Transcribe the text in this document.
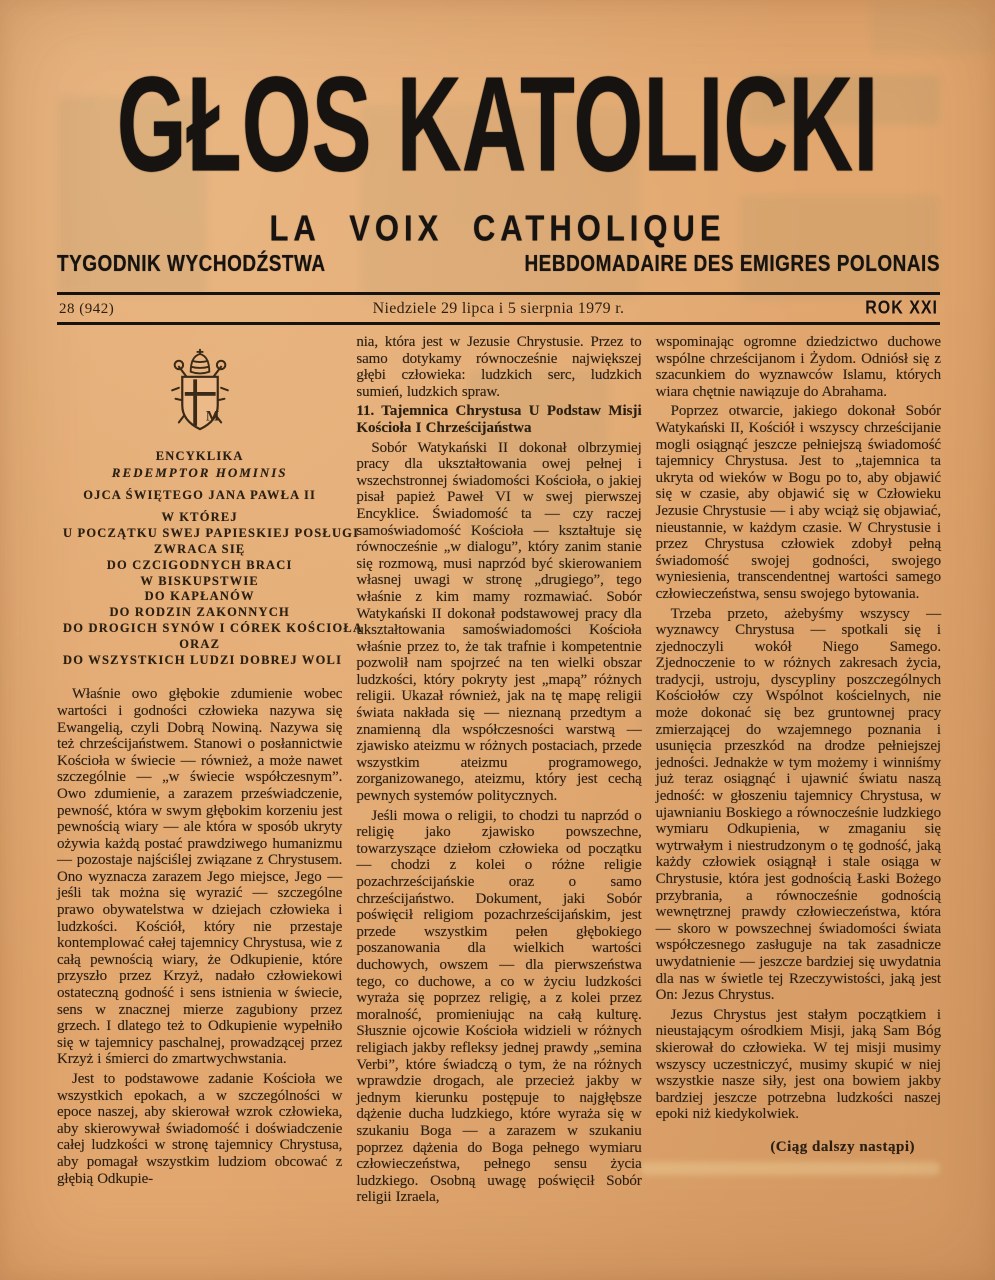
GŁOS KATOLICKI
LA VOIX CATHOLIQUE
TYGODNIK WYCHODŹSTWA	HEBDOMADAIRE DES EMIGRES POLONAIS
28 (942)	Niedziele 29 lipca i 5 sierpnia 1979 r.	ROK XXI
M
ENCYKLIKA
REDEMPTOR HOMINIS
OJCA ŚWIĘTEGO JANA PAWŁA II
W KTÓREJ
U POCZĄTKU SWEJ PAPIESKIEJ POSŁUGI
ZWRACA SIĘ
DO CZCIGODNYCH BRACI
W BISKUPSTWIE
DO KAPŁANÓW
DO RODZIN ZAKONNYCH
DO DROGICH SYNÓW I CÓREK KOŚCIOŁA
ORAZ
DO WSZYSTKICH LUDZI DOBREJ WOLI

Właśnie owo głębokie zdumienie wobec wartości i godności człowieka nazywa się Ewangelią, czyli Dobrą Nowiną. Nazywa się też chrześcijaństwem. Stanowi o posłannictwie Kościoła w świecie — również, a może nawet szczególnie — „w świecie współczesnym”. Owo zdumienie, a zarazem przeświadczenie, pewność, która w swym głębokim korzeniu jest pewnością wiary — ale która w sposób ukryty ożywia każdą postać prawdziwego humanizmu — pozostaje najściślej związane z Chrystusem. Ono wyznacza zarazem Jego miejsce, Jego — jeśli tak można się wyrazić — szczególne prawo obywatelstwa w dziejach człowieka i ludzkości. Kościół, który nie przestaje kontemplować całej tajemnicy Chrystusa, wie z całą pewnością wiary, że Odkupienie, które przyszło przez Krzyż, nadało człowiekowi ostateczną godność i sens istnienia w świecie, sens w znacznej mierze zagubiony przez grzech. I dlatego też to Odkupienie wypełniło się w tajemnicy paschalnej, prowadzącej przez Krzyż i śmierci do zmartwychwstania.

Jest to podstawowe zadanie Kościoła we wszystkich epokach, a w szczególności w epoce naszej, aby skierował wzrok człowieka, aby skierowywał świadomość i doświadczenie całej ludzkości w stronę tajemnicy Chrystusa, aby pomagał wszystkim ludziom obcować z głębią Odkupie-

nia, która jest w Jezusie Chrystusie. Przez to samo dotykamy równocześnie największej głębi człowieka: ludzkich serc, ludzkich sumień, ludzkich spraw.

11. Tajemnica Chrystusa U Podstaw Misji Kościoła I Chrześcijaństwa

Sobór Watykański II dokonał olbrzymiej pracy dla ukształtowania owej pełnej i wszechstronnej świadomości Kościoła, o jakiej pisał papież Paweł VI w swej pierwszej Encyklice. Świadomość ta — czy raczej samoświadomość Kościoła — kształtuje się równocześnie „w dialogu”, który zanim stanie się rozmową, musi naprzód być skierowaniem własnej uwagi w stronę „drugiego”, tego właśnie z kim mamy rozmawiać. Sobór Watykański II dokonał podstawowej pracy dla ukształtowania samoświadomości Kościoła właśnie przez to, że tak trafnie i kompetentnie pozwolił nam spojrzeć na ten wielki obszar ludzkości, który pokryty jest „mapą” różnych religii. Ukazał również, jak na tę mapę religii świata nakłada się — nieznaną przedtym a znamienną dla współczesności warstwą — zjawisko ateizmu w różnych postaciach, przede wszystkim ateizmu programowego, zorganizowanego, ateizmu, który jest cechą pewnych systemów politycznych.

Jeśli mowa o religii, to chodzi tu naprzód o religię jako zjawisko powszechne, towarzyszące dziełom człowieka od początku — chodzi z kolei o różne religie pozachrześcijańskie oraz o samo chrześcijaństwo. Dokument, jaki Sobór poświęcił religiom pozachrześcijańskim, jest przede wszystkim pełen głębokiego poszanowania dla wielkich wartości duchowych, owszem — dla pierwszeństwa tego, co duchowe, a co w życiu ludzkości wyraża się poprzez religię, a z kolei przez moralność, promieniując na całą kulturę. Słusznie ojcowie Kościoła widzieli w różnych religiach jakby refleksy jednej prawdy „semina Verbi”, które świadczą o tym, że na różnych wprawdzie drogach, ale przecież jakby w jednym kierunku postępuje to najgłębsze dążenie ducha ludzkiego, które wyraża się w szukaniu Boga — a zarazem w szukaniu poprzez dążenia do Boga pełnego wymiaru człowieczeństwa, pełnego sensu życia ludzkiego. Osobną uwagę poświęcił Sobór religii Izraela,

wspominając ogromne dziedzictwo duchowe wspólne chrześcijanom i Żydom. Odniósł się z szacunkiem do wyznawców Islamu, których wiara chętnie nawiązuje do Abrahama.

Poprzez otwarcie, jakiego dokonał Sobór Watykański II, Kościół i wszyscy chrześcijanie mogli osiągnąć jeszcze pełniejszą świadomość tajemnicy Chrystusa. Jest to „tajemnica ta ukryta od wieków w Bogu po to, aby objawić się w czasie, aby objawić się w Człowieku Jezusie Chrystusie — i aby wciąż się objawiać, nieustannie, w każdym czasie. W Chrystusie i przez Chrystusa człowiek zdobył pełną świadomość swojej godności, swojego wyniesienia, transcendentnej wartości samego człowieczeństwa, sensu swojego bytowania.

Trzeba przeto, ażebyśmy wszyscy — wyznawcy Chrystusa — spotkali się i zjednoczyli wokół Niego Samego. Zjednoczenie to w różnych zakresach życia, tradycji, ustroju, dyscypliny poszczególnych Kościołów czy Wspólnot kościelnych, nie może dokonać się bez gruntownej pracy zmierzającej do wzajemnego poznania i usunięcia przeszkód na drodze pełniejszej jedności. Jednakże w tym możemy i winniśmy już teraz osiągnąć i ujawnić światu naszą jedność: w głoszeniu tajemnicy Chrystusa, w ujawnianiu Boskiego a równocześnie ludzkiego wymiaru Odkupienia, w zmaganiu się wytrwałym i niestrudzonym o tę godność, jaką każdy człowiek osiągnął i stale osiąga w Chrystusie, która jest godnością Łaski Bożego przybrania, a równocześnie godnością wewnętrznej prawdy człowieczeństwa, która — skoro w powszechnej świadomości świata współczesnego zasługuje na tak zasadnicze uwydatnienie — jeszcze bardziej się uwydatnia dla nas w świetle tej Rzeczywistości, jaką jest On: Jezus Chrystus.

Jezus Chrystus jest stałym początkiem i nieustającym ośrodkiem Misji, jaką Sam Bóg skierował do człowieka. W tej misji musimy wszyscy uczestniczyć, musimy skupić w niej wszystkie nasze siły, jest ona bowiem jakby bardziej jeszcze potrzebna ludzkości naszej epoki niż kiedykolwiek.

(Ciąg dalszy nastąpi)
